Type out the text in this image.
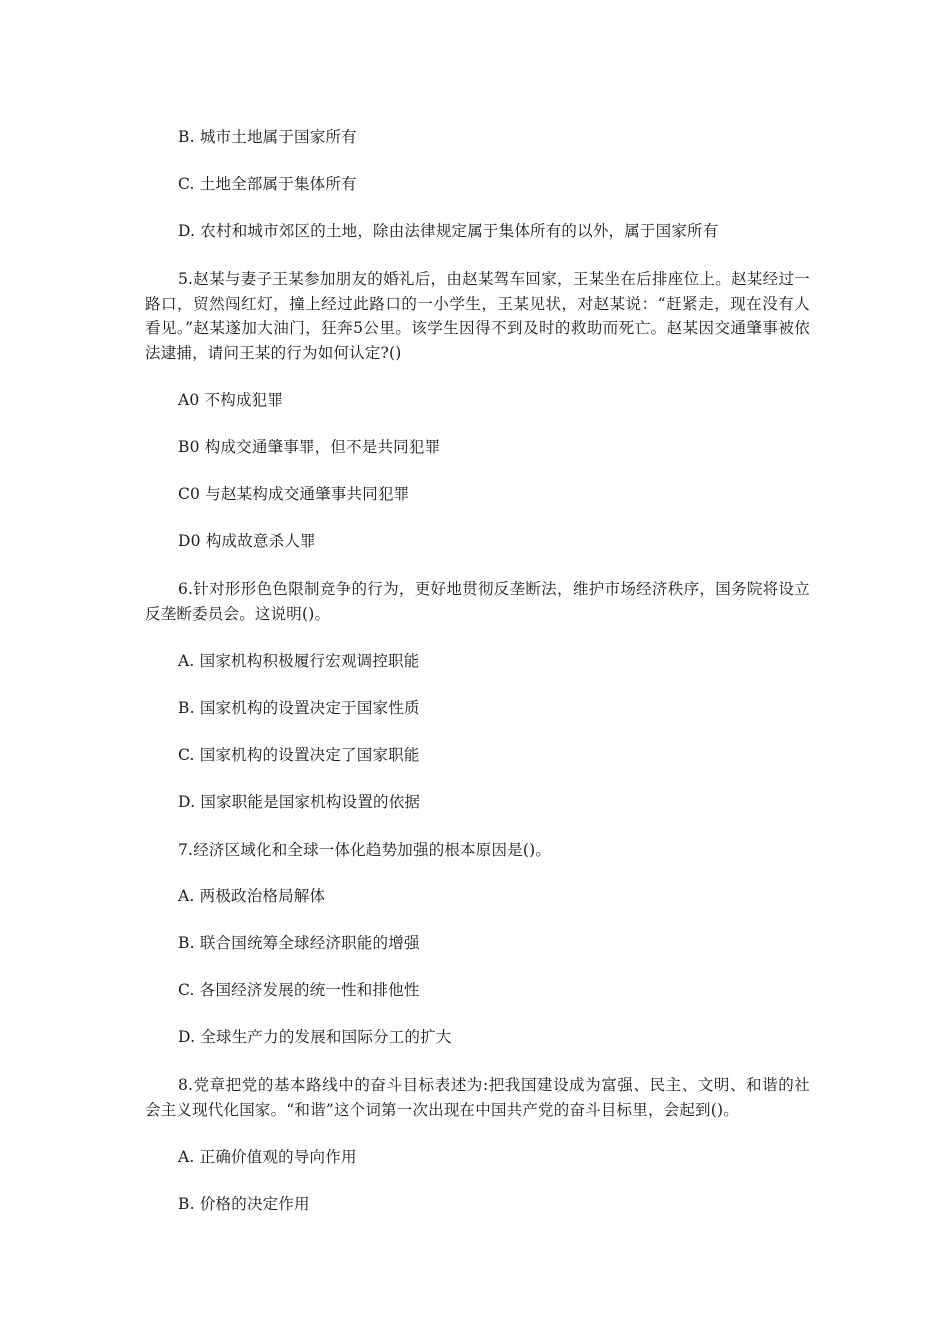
B. 城市土地属于国家所有
C. 土地全部属于集体所有
D. 农村和城市郊区的土地，除由法律规定属于集体所有的以外，属于国家所有
5.赵某与妻子王某参加朋友的婚礼后，由赵某驾车回家，王某坐在后排座位上。赵某经过一路口，贸然闯红灯，撞上经过此路口的一小学生，王某见状，对赵某说：“赶紧走，现在没有人看见。”赵某遂加大油门，狂奔5公里。该学生因得不到及时的救助而死亡。赵某因交通肇事被依法逮捕，请问王某的行为如何认定?()
A0 不构成犯罪
B0 构成交通肇事罪，但不是共同犯罪
C0 与赵某构成交通肇事共同犯罪
D0 构成故意杀人罪
6.针对形形色色限制竞争的行为，更好地贯彻反垄断法，维护市场经济秩序，国务院将设立反垄断委员会。这说明()。
A. 国家机构积极履行宏观调控职能
B. 国家机构的设置决定于国家性质
C. 国家机构的设置决定了国家职能
D. 国家职能是国家机构设置的依据
7.经济区域化和全球一体化趋势加强的根本原因是()。
A. 两极政治格局解体
B. 联合国统筹全球经济职能的增强
C. 各国经济发展的统一性和排他性
D. 全球生产力的发展和国际分工的扩大
8.党章把党的基本路线中的奋斗目标表述为:把我国建设成为富强、民主、文明、和谐的社会主义现代化国家。“和谐”这个词第一次出现在中国共产党的奋斗目标里，会起到()。
A. 正确价值观的导向作用
B. 价格的决定作用
